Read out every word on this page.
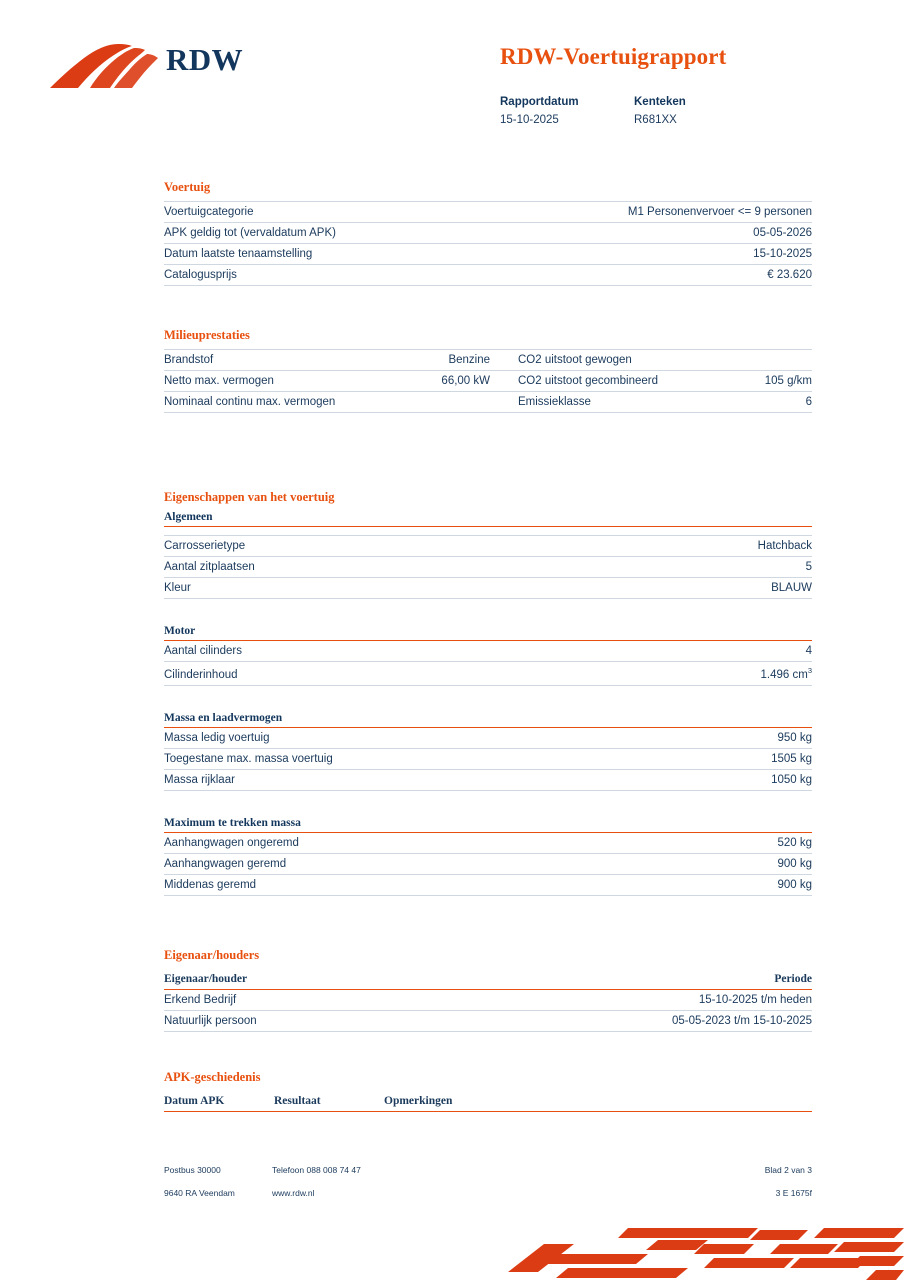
RDW	RDW-Voertuigrapport
Rapportdatum	Kenteken
15-10-2025	R681XX
Voertuig
Voertuigcategorie	M1 Personenvervoer <= 9 personen
APK geldig tot (vervaldatum APK)	05-05-2026
Datum laatste tenaamstelling	15-10-2025
Catalogusprijs	€ 23.620
Milieuprestaties
Brandstof	Benzine	CO2 uitstoot gewogen	
Netto max. vermogen	66,00 kW	CO2 uitstoot gecombineerd	105 g/km
Nominaal continu max. vermogen		Emissieklasse	6
Eigenschappen van het voertuig
Algemeen
Carrosserietype	Hatchback
Aantal zitplaatsen	5
Kleur	BLAUW
Motor
Aantal cilinders	4
Cilinderinhoud	1.496 $cm^3$
Massa en laadvermogen
Massa ledig voertuig	950 kg
Toegestane max. massa voertuig	1505 kg
Massa rijklaar	1050 kg
Maximum te trekken massa
Aanhangwagen ongeremd	520 kg
Aanhangwagen geremd	900 kg
Middenas geremd	900 kg
Eigenaar/houders
Eigenaar/houder	Periode
Erkend Bedrijf	15-10-2025 t/m heden
Natuurlijk persoon	05-05-2023 t/m 15-10-2025
APK-geschiedenis
Datum APK	Resultaat	Opmerkingen
Postbus 30000	Telefoon 088 008 74 47	Blad 2 van 3
9640 RA Veendam	www.rdw.nl	3 E 1675f
